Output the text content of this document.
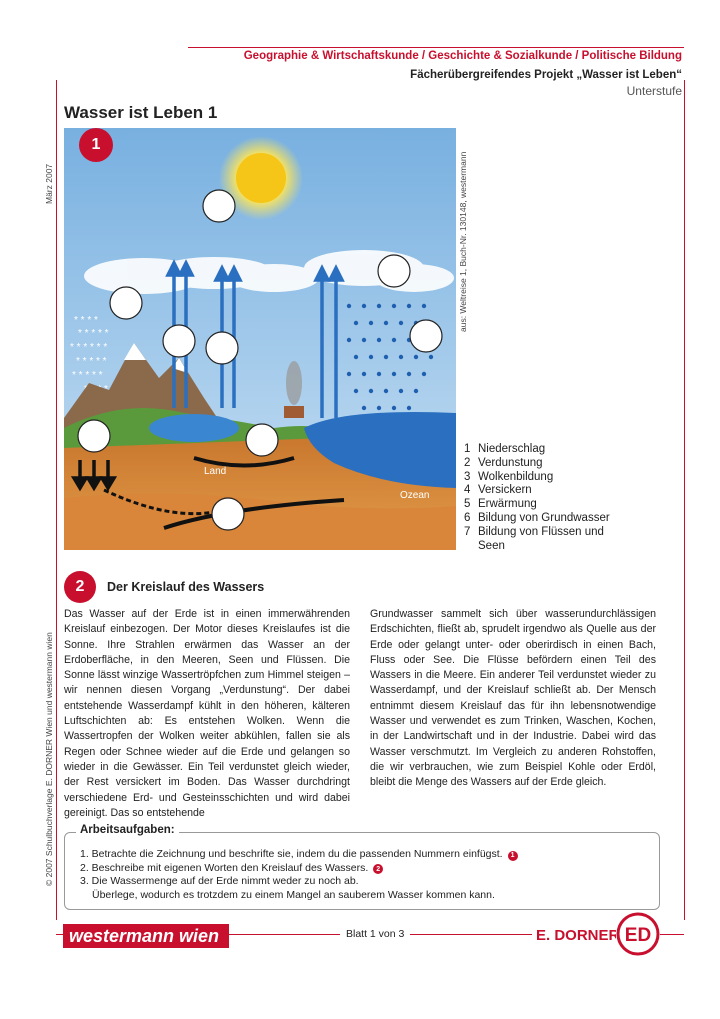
Geographie & Wirtschaftskunde / Geschichte & Sozialkunde / Politische Bildung
Fächerübergreifendes Projekt „Wasser ist Leben“
Unterstufe
Wasser ist Leben 1
März 2007
© 2007 Schulbuchverlage E. DORNER Wien und westermann wien
aus: Weltreise 1, Buch-Nr. 130148, westermann
* * * *
* * * * *
* * * * * *
* * * * *
* * * * *
Land
Ozean
1
1 Niederschlag
2 Verdunstung
3 Wolkenbildung
4 Versickern
5 Erwärmung
6 Bildung von Grundwasser
7 Bildung von Flüssen und
Seen
2	Der Kreislauf des Wassers
Das Wasser auf der Erde ist in einen immerwährenden Kreislauf einbezogen. Der Motor dieses Kreislaufes ist die Sonne. Ihre Strahlen erwärmen das Wasser an der Erdoberfläche, in den Meeren, Seen und Flüssen. Die Sonne lässt winzige Wassertröpfchen zum Himmel steigen – wir nennen diesen Vorgang „Verdunstung“. Der dabei entstehende Wasserdampf kühlt in den höheren, kälteren Luftschichten ab: Es entstehen Wolken. Wenn die Wassertropfen der Wolken weiter abkühlen, fallen sie als Regen oder Schnee wieder auf die Erde und gelangen so wieder in die Gewässer. Ein Teil verdunstet gleich wieder, der Rest versickert im Boden. Das Wasser durchdringt verschiedene Erd- und Gesteinsschichten und wird dabei gereinigt. Das so entstehende
Grundwasser sammelt sich über wasserundurchlässigen Erdschichten, fließt ab, sprudelt irgendwo als Quelle aus der Erde oder gelangt unter- oder oberirdisch in einen Bach, Fluss oder See. Die Flüsse befördern einen Teil des Wassers in die Meere. Ein anderer Teil verdunstet wieder zu Wasserdampf, und der Kreislauf schließt ab. Der Mensch entnimmt diesem Kreislauf das für ihn lebensnotwendige Wasser und verwendet es zum Trinken, Waschen, Kochen, in der Landwirtschaft und in der Industrie. Dabei wird das Wasser verschmutzt. Im Vergleich zu anderen Rohstoffen, die wir verbrauchen, wie zum Beispiel Kohle oder Erdöl, bleibt die Menge des Wassers auf der Erde gleich.
Arbeitsaufgaben:
1. Betrachte die Zeichnung und beschrifte sie, indem du die passenden Nummern einfügst. 1
2. Beschreibe mit eigenen Worten den Kreislauf des Wassers. 2
3. Die Wassermenge auf der Erde nimmt weder zu noch ab.
Überlege, wodurch es trotzdem zu einem Mangel an sauberem Wasser kommen kann.
westermann wien	Blatt 1 von 3	E. DORNER ED
